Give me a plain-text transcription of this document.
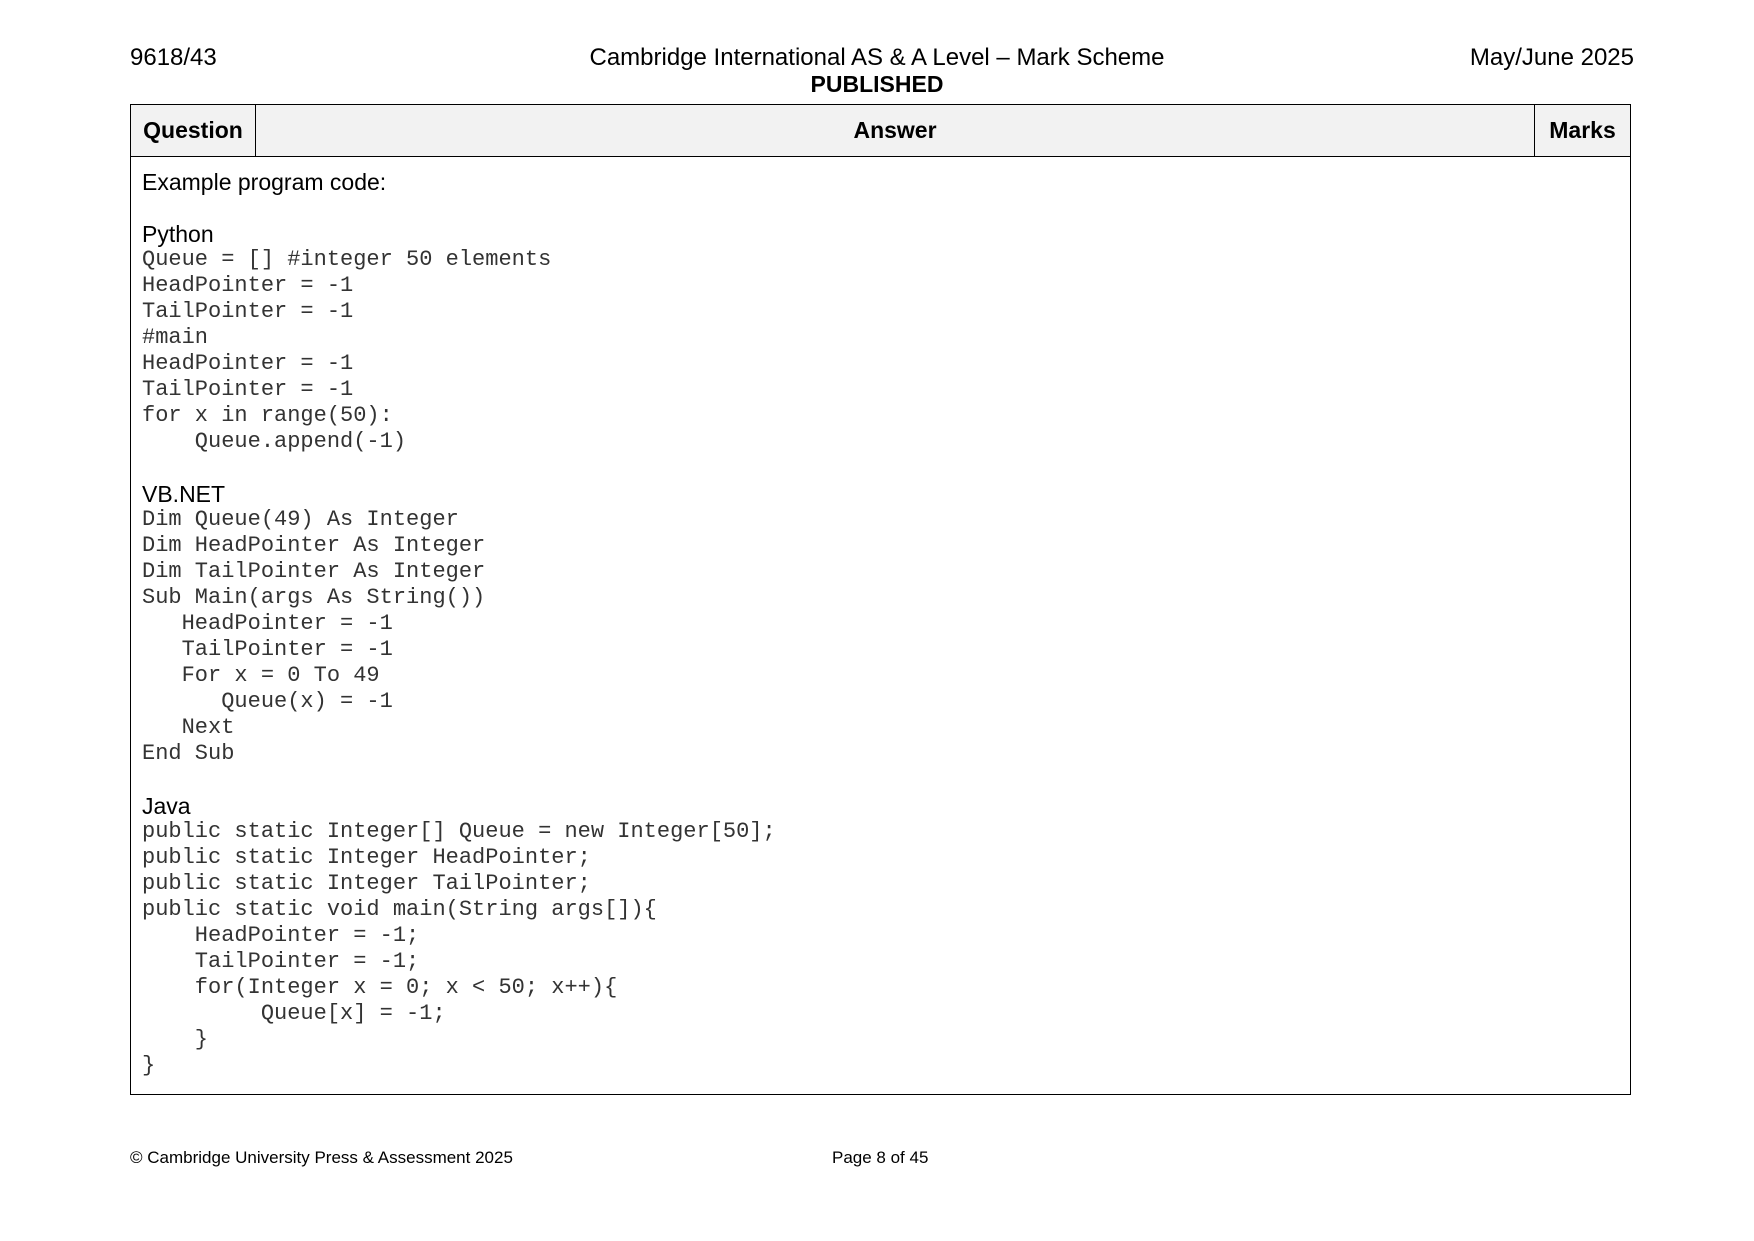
9618/43	Cambridge International AS & A Level – Mark Scheme
PUBLISHED
May/June 2025
Question	Answer	Marks

Example program code:

Python

Queue = [] #integer 50 elements
HeadPointer = -1
TailPointer = -1
#main
HeadPointer = -1
TailPointer = -1
for x in range(50):
Queue.append(-1)

VB.NET

Dim Queue(49) As Integer
Dim HeadPointer As Integer
Dim TailPointer As Integer
Sub Main(args As String())
HeadPointer = -1
TailPointer = -1
For x = 0 To 49
Queue(x) = -1
Next
End Sub

Java

public static Integer[] Queue = new Integer[50];
public static Integer HeadPointer;
public static Integer TailPointer;
public static void main(String args[]){
HeadPointer = -1;
TailPointer = -1;
for(Integer x = 0; x < 50; x++){
Queue[x] = -1;
}
}
© Cambridge University Press & Assessment 2025	Page 8 of 45
